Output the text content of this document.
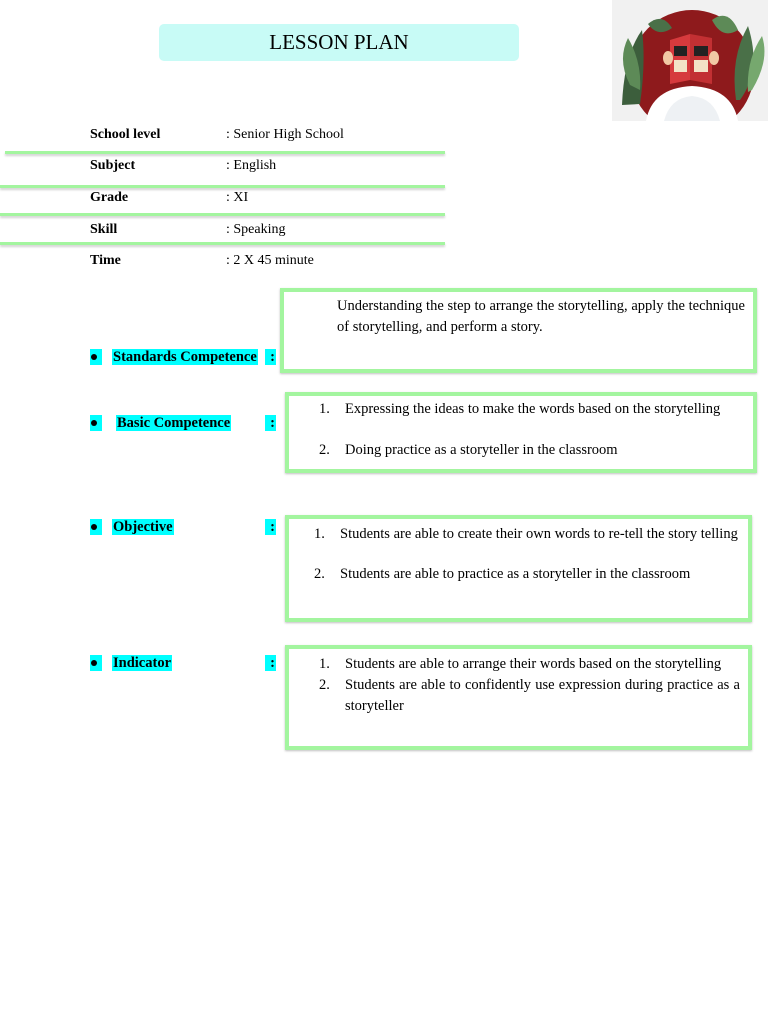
LESSON PLAN
School level	: Senior High School
Subject	: English
Grade	: XI
Skill	: Speaking
Time	: 2 X 45 minute
Standards Competence :

Understanding the step to arrange the storytelling, apply the technique of storytelling, and perform a story.

Basic Competence	:
1. Expressing the ideas to make the words based on the storytelling
2. Doing practice as a storyteller in the classroom
Objective	:	1. Students are able to create their own words to re-tell the story telling
2. Students are able to practice as a storyteller in the classroom
Indicator	:	1. Students are able to arrange their words based on the storytelling
2. Students are able to confidently use expression during practice as a storyteller
